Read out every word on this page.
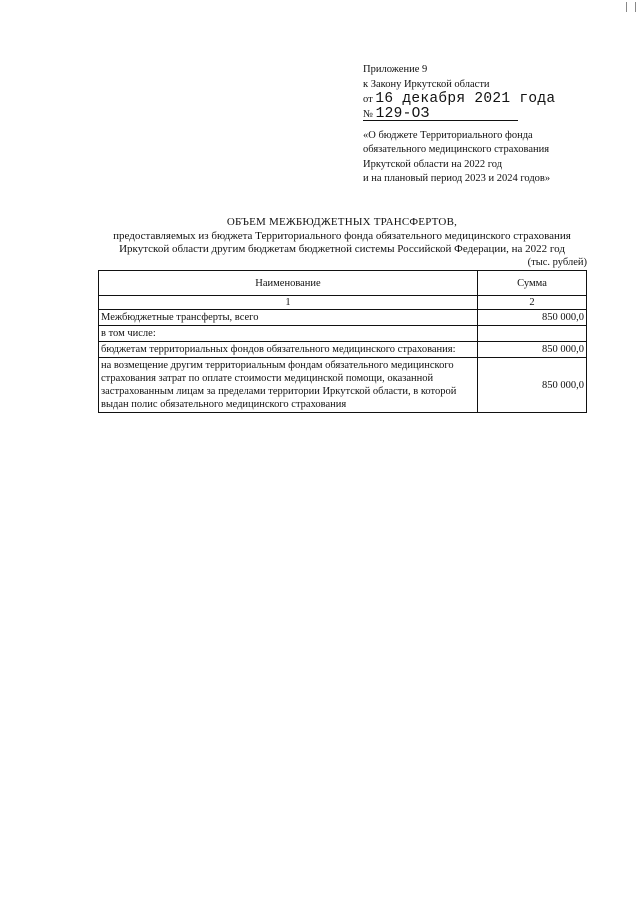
Приложение 9
к Закону Иркутской области
от
16 декабря 2021 года
№
129-ОЗ
«О бюджете Территориального фонда
обязательного медицинского страхования
Иркутской области на 2022 год
и на плановый период 2023 и 2024 годов»
ОБЪЕМ МЕЖБЮДЖЕТНЫХ ТРАНСФЕРТОВ,
предоставляемых из бюджета Территориального фонда обязательного медицинского страхования
Иркутской области другим бюджетам бюджетной системы Российской Федерации, на 2022 год
(тыс. рублей)
Наименование	Сумма
1	2
Межбюджетные трансферты, всего	850 000,0
в том числе:	
бюджетам территориальных фондов обязательного медицинского страхования:	850 000,0
на возмещение другим территориальным фондам обязательного медицинского страхования затрат по оплате стоимости медицинской помощи, оказанной застрахованным лицам за пределами территории Иркутской области, в которой выдан полис обязательного медицинского страхования	850 000,0
